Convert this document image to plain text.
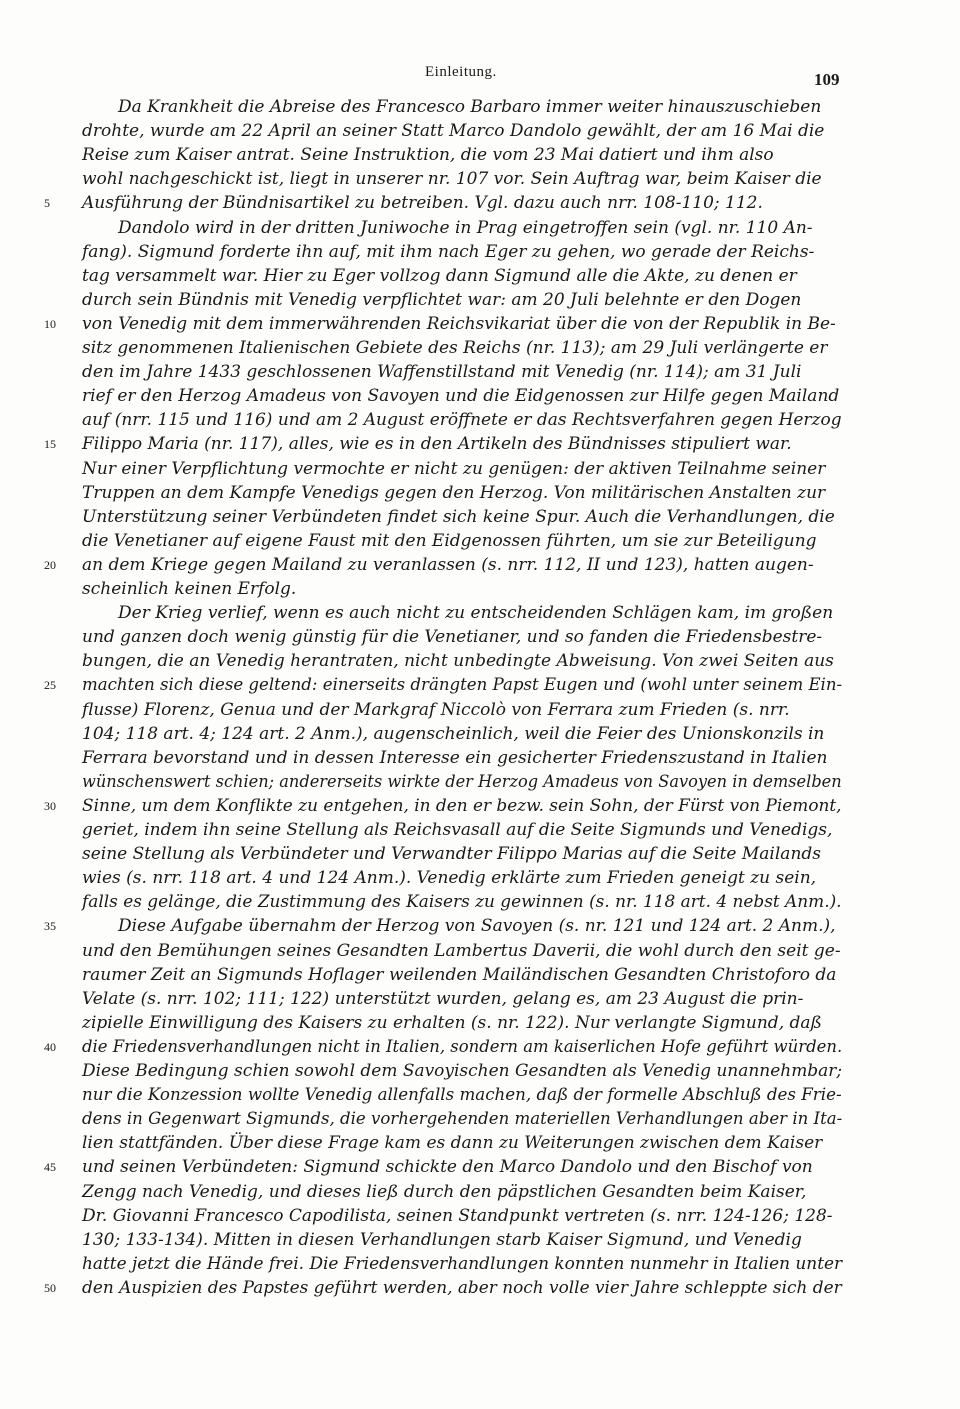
Einleitung.	109
Da Krankheit die Abreise des Francesco Barbaro immer weiter hinauszuschieben
drohte, wurde am 22 April an seiner Statt Marco Dandolo gewählt, der am 16 Mai die
Reise zum Kaiser antrat. Seine Instruktion, die vom 23 Mai datiert und ihm also
wohl nachgeschickt ist, liegt in unserer nr. 107 vor. Sein Auftrag war, beim Kaiser die
Ausführung der Bündnisartikel zu betreiben. Vgl. dazu auch nrr. 108-110; 112.
Dandolo wird in der dritten Juniwoche in Prag eingetroffen sein (vgl. nr. 110 An-
fang). Sigmund forderte ihn auf, mit ihm nach Eger zu gehen, wo gerade der Reichs-
tag versammelt war. Hier zu Eger vollzog dann Sigmund alle die Akte, zu denen er
durch sein Bündnis mit Venedig verpflichtet war: am 20 Juli belehnte er den Dogen
von Venedig mit dem immerwährenden Reichsvikariat über die von der Republik in Be-
sitz genommenen Italienischen Gebiete des Reichs (nr. 113); am 29 Juli verlängerte er
den im Jahre 1433 geschlossenen Waffenstillstand mit Venedig (nr. 114); am 31 Juli
rief er den Herzog Amadeus von Savoyen und die Eidgenossen zur Hilfe gegen Mailand
auf (nrr. 115 und 116) und am 2 August eröffnete er das Rechtsverfahren gegen Herzog
Filippo Maria (nr. 117), alles, wie es in den Artikeln des Bündnisses stipuliert war.
Nur einer Verpflichtung vermochte er nicht zu genügen: der aktiven Teilnahme seiner
Truppen an dem Kampfe Venedigs gegen den Herzog. Von militärischen Anstalten zur
Unterstützung seiner Verbündeten findet sich keine Spur. Auch die Verhandlungen, die
die Venetianer auf eigene Faust mit den Eidgenossen führten, um sie zur Beteiligung
an dem Kriege gegen Mailand zu veranlassen (s. nrr. 112, II und 123), hatten augen-
scheinlich keinen Erfolg.
Der Krieg verlief, wenn es auch nicht zu entscheidenden Schlägen kam, im großen
und ganzen doch wenig günstig für die Venetianer, und so fanden die Friedensbestre-
bungen, die an Venedig herantraten, nicht unbedingte Abweisung. Von zwei Seiten aus
machten sich diese geltend: einerseits drängten Papst Eugen und (wohl unter seinem Ein-
flusse) Florenz, Genua und der Markgraf Niccolò von Ferrara zum Frieden (s. nrr.
104; 118 art. 4; 124 art. 2 Anm.), augenscheinlich, weil die Feier des Unionskonzils in
Ferrara bevorstand und in dessen Interesse ein gesicherter Friedenszustand in Italien
wünschenswert schien; andererseits wirkte der Herzog Amadeus von Savoyen in demselben
Sinne, um dem Konflikte zu entgehen, in den er bezw. sein Sohn, der Fürst von Piemont,
geriet, indem ihn seine Stellung als Reichsvasall auf die Seite Sigmunds und Venedigs,
seine Stellung als Verbündeter und Verwandter Filippo Marias auf die Seite Mailands
wies (s. nrr. 118 art. 4 und 124 Anm.). Venedig erklärte zum Frieden geneigt zu sein,
falls es gelänge, die Zustimmung des Kaisers zu gewinnen (s. nr. 118 art. 4 nebst Anm.).
Diese Aufgabe übernahm der Herzog von Savoyen (s. nr. 121 und 124 art. 2 Anm.),
und den Bemühungen seines Gesandten Lambertus Daverii, die wohl durch den seit ge-
raumer Zeit an Sigmunds Hoflager weilenden Mailändischen Gesandten Christoforo da
Velate (s. nrr. 102; 111; 122) unterstützt wurden, gelang es, am 23 August die prin-
zipielle Einwilligung des Kaisers zu erhalten (s. nr. 122). Nur verlangte Sigmund, daß
die Friedensverhandlungen nicht in Italien, sondern am kaiserlichen Hofe geführt würden.
Diese Bedingung schien sowohl dem Savoyischen Gesandten als Venedig unannehmbar;
nur die Konzession wollte Venedig allenfalls machen, daß der formelle Abschluß des Frie-
dens in Gegenwart Sigmunds, die vorhergehenden materiellen Verhandlungen aber in Ita-
lien stattfänden. Über diese Frage kam es dann zu Weiterungen zwischen dem Kaiser
und seinen Verbündeten: Sigmund schickte den Marco Dandolo und den Bischof von
Zengg nach Venedig, und dieses ließ durch den päpstlichen Gesandten beim Kaiser,
Dr. Giovanni Francesco Capodilista, seinen Standpunkt vertreten (s. nrr. 124-126; 128-
130; 133-134). Mitten in diesen Verhandlungen starb Kaiser Sigmund, und Venedig
hatte jetzt die Hände frei. Die Friedensverhandlungen konnten nunmehr in Italien unter
den Auspizien des Papstes geführt werden, aber noch volle vier Jahre schleppte sich der
5
10
15
20
25
30
35
40
45
50
